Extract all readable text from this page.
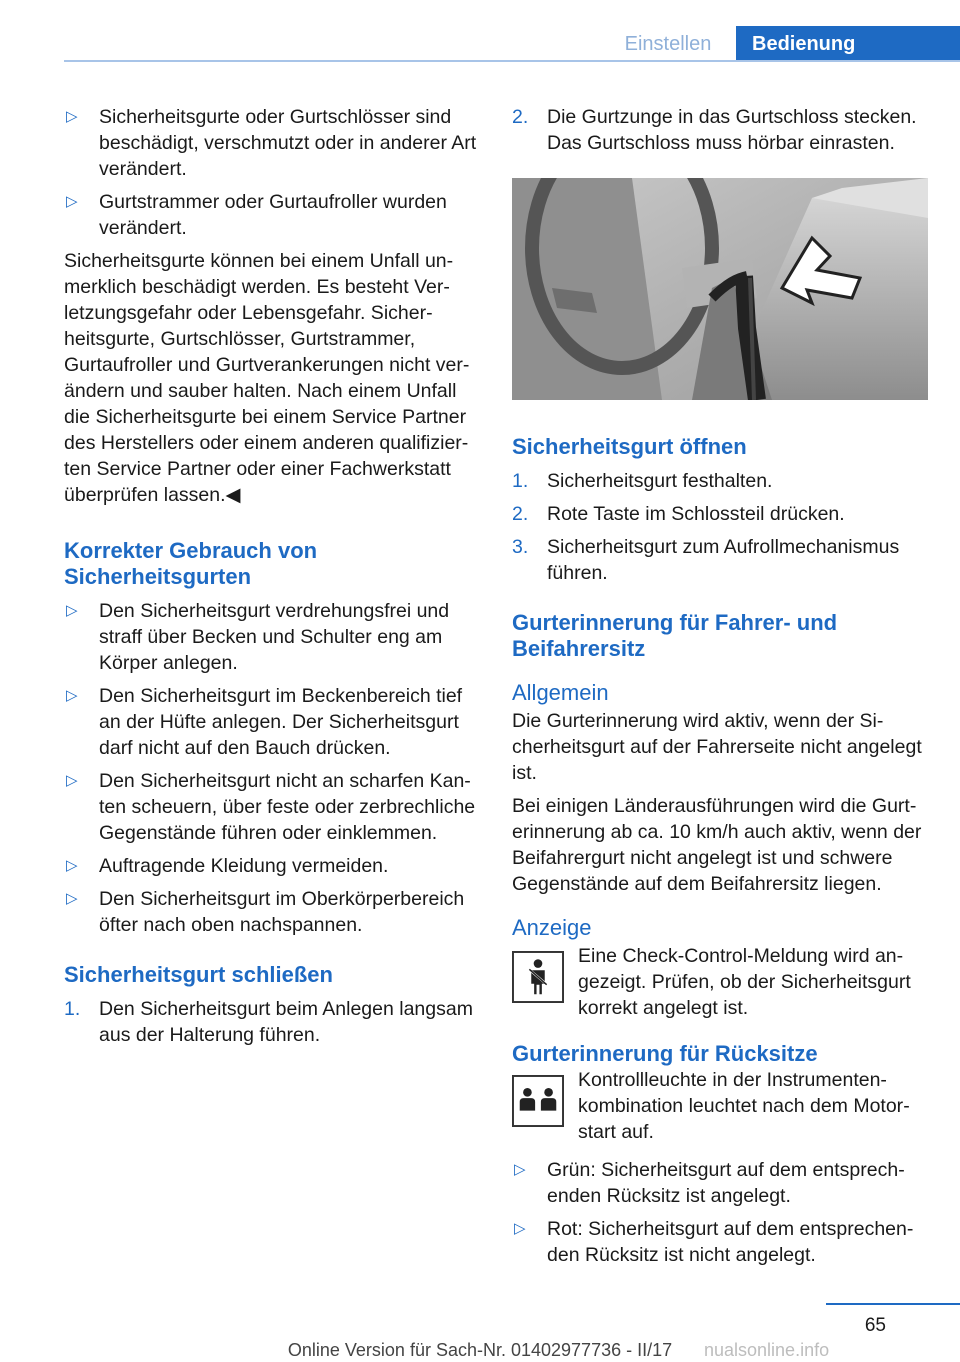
Einstellen	Bedienung
▷ Sicherheitsgurte oder Gurtschlösser sind beschädigt, verschmutzt oder in anderer Art verändert.
▷ Gurtstrammer oder Gurtaufroller wurden verändert.

Sicherheitsgurte können bei einem Unfall unmerklich beschädigt werden. Es besteht Verletzungsgefahr oder Lebensgefahr. Sicherheitsgurte, Gurtschlösser, Gurtstrammer, Gurtaufroller und Gurtverankerungen nicht verändern und sauber halten. Nach einem Unfall die Sicherheitsgurte bei einem Service Partner des Herstellers oder einem anderen qualifizierten Service Partner oder einer Fachwerkstatt überprüfen lassen.◀

Korrekter Gebrauch von Sicherheitsgurten
▷ Den Sicherheitsgurt verdrehungsfrei und straff über Becken und Schulter eng am Körper anlegen.
▷ Den Sicherheitsgurt im Beckenbereich tief an der Hüfte anlegen. Der Sicherheitsgurt darf nicht auf den Bauch drücken.
▷ Den Sicherheitsgurt nicht an scharfen Kanten scheuern, über feste oder zerbrechliche Gegenstände führen oder einklemmen.
▷ Auftragende Kleidung vermeiden.
▷ Den Sicherheitsgurt im Oberkörperbereich öfter nach oben nachspannen.
Sicherheitsgurt schließen
1. Den Sicherheitsgurt beim Anlegen langsam aus der Halterung führen.
2. Die Gurtzunge in das Gurtschloss stecken. Das Gurtschloss muss hörbar einrasten.
Sicherheitsgurt öffnen
1. Sicherheitsgurt festhalten.
2. Rote Taste im Schlossteil drücken.
3. Sicherheitsgurt zum Aufrollmechanismus führen.
Gurterinnerung für Fahrer- und Beifahrersitz
Allgemein

Die Gurterinnerung wird aktiv, wenn der Sicherheitsgurt auf der Fahrerseite nicht angelegt ist.

Bei einigen Länderausführungen wird die Gurterinnerung ab ca. 10 km/h auch aktiv, wenn der Beifahrergurt nicht angelegt ist und schwere Gegenstände auf dem Beifahrersitz liegen.

Anzeige
Eine Check-Control-Meldung wird angezeigt. Prüfen, ob der Sicherheitsgurt korrekt angelegt ist.
Gurterinnerung für Rücksitze
Kontrollleuchte in der Instrumentenkombination leuchtet nach dem Motorstart auf.
▷ Grün: Sicherheitsgurt auf dem entsprechenden Rücksitz ist angelegt.
▷ Rot: Sicherheitsgurt auf dem entsprechenden Rücksitz ist nicht angelegt.
65
Online Version für Sach-Nr. 01402977736 - II/17	nualsonline.info
